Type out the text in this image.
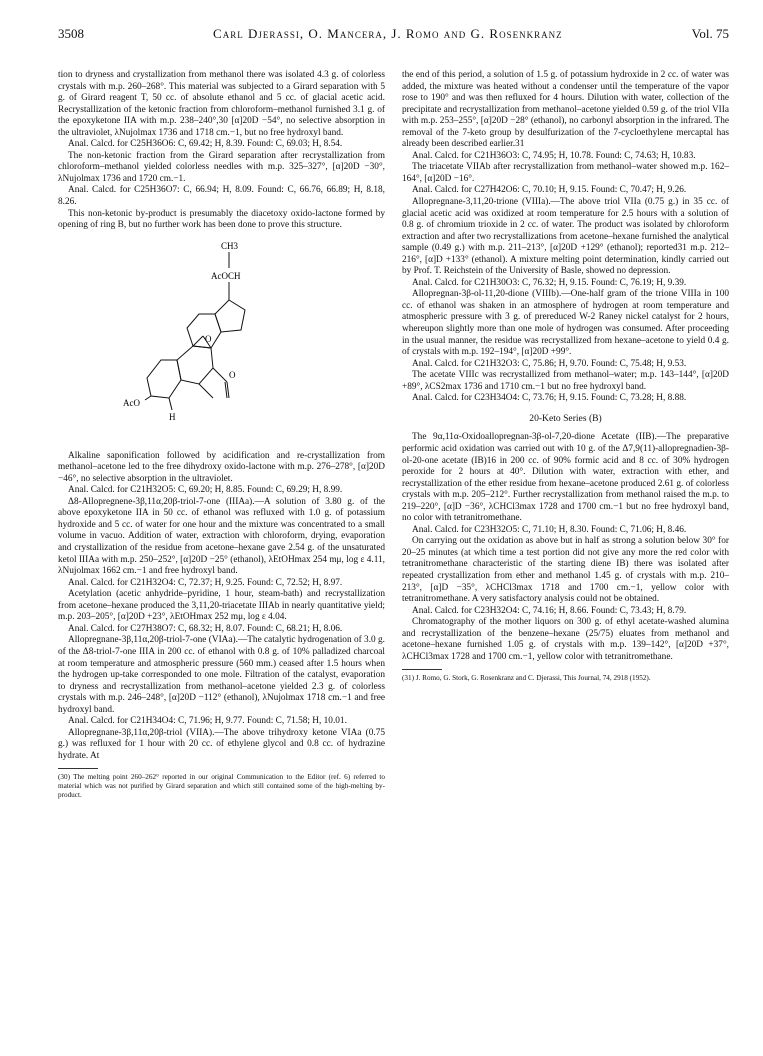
3508	Carl Djerassi, O. Mancera, J. Romo and G. Rosenkranz	Vol. 75

tion to dryness and crystallization from methanol there was isolated 4.3 g. of colorless crystals with m.p. 260–268°. This material was subjected to a Girard separation with 5 g. of Girard reagent T, 50 cc. of absolute ethanol and 5 cc. of glacial acetic acid. Recrystallization of the ketonic fraction from chloroform–methanol furnished 3.1 g. of the epoxyketone IIA with m.p. 238–240°,30 [α]20D −54°, no selective absorption in the ultraviolet, λNujolmax 1736 and 1718 cm.−1, but no free hydroxyl band.

Anal. Calcd. for C25H36O6: C, 69.42; H, 8.39. Found: C, 69.03; H, 8.54.

The non-ketonic fraction from the Girard separation after recrystallization from chloroform–methanol yielded colorless needles with m.p. 325–327°, [α]20D −30°, λNujolmax 1736 and 1720 cm.−1.

Anal. Calcd. for C25H36O7: C, 66.94; H, 8.09. Found: C, 66.76, 66.89; H, 8.18, 8.26.

This non-ketonic by-product is presumably the diacetoxy oxido-lactone formed by opening of ring B, but no further work has been done to prove this structure.

CH3
AcOCH
O
O
AcO
H

Alkaline saponification followed by acidification and re-crystallization from methanol–acetone led to the free dihydroxy oxido-lactone with m.p. 276–278°, [α]20D −46°, no selective absorption in the ultraviolet.

Anal. Calcd. for C21H32O5: C, 69.20; H, 8.85. Found: C, 69.29; H, 8.99.

Δ8-Allopregnene-3β,11α,20β-triol-7-one (IIIAa).—A solution of 3.80 g. of the above epoxyketone IIA in 50 cc. of ethanol was refluxed with 1.0 g. of potassium hydroxide and 5 cc. of water for one hour and the mixture was concentrated to a small volume in vacuo. Addition of water, extraction with chloroform, drying, evaporation and crystallization of the residue from acetone–hexane gave 2.54 g. of the unsaturated ketol IIIAa with m.p. 250–252°, [α]20D −25° (ethanol), λEtOHmax 254 mμ, log ε 4.11, λNujolmax 1662 cm.−1 and free hydroxyl band.

Anal. Calcd. for C21H32O4: C, 72.37; H, 9.25. Found: C, 72.52; H, 8.97.

Acetylation (acetic anhydride–pyridine, 1 hour, steam-bath) and recrystallization from acetone–hexane produced the 3,11,20-triacetate IIIAb in nearly quantitative yield; m.p. 203–205°, [α]20D +23°, λEtOHmax 252 mμ, log ε 4.04.

Anal. Calcd. for C27H38O7: C, 68.32; H, 8.07. Found: C, 68.21; H, 8.06.

Allopregnane-3β,11α,20β-triol-7-one (VIAa).—The catalytic hydrogenation of 3.0 g. of the Δ8-triol-7-one IIIA in 200 cc. of ethanol with 0.8 g. of 10% palladized charcoal at room temperature and atmospheric pressure (560 mm.) ceased after 1.5 hours when the hydrogen up-take corresponded to one mole. Filtration of the catalyst, evaporation to dryness and recrystallization from methanol–acetone yielded 2.3 g. of colorless crystals with m.p. 246–248°, [α]20D −112° (ethanol), λNujolmax 1718 cm.−1 and free hydroxyl band.

Anal. Calcd. for C21H34O4: C, 71.96; H, 9.77. Found: C, 71.58; H, 10.01.

Allopregnane-3β,11α,20β-triol (VIIA).—The above trihydroxy ketone VIAa (0.75 g.) was refluxed for 1 hour with 20 cc. of ethylene glycol and 0.8 cc. of hydrazine hydrate. At

(30) The melting point 260–262° reported in our original Communication to the Editor (ref. 6) referred to material which was not purified by Girard separation and which still contained some of the high-melting by-product.

the end of this period, a solution of 1.5 g. of potassium hydroxide in 2 cc. of water was added, the mixture was heated without a condenser until the temperature of the vapor rose to 190° and was then refluxed for 4 hours. Dilution with water, collection of the precipitate and recrystallization from methanol–acetone yielded 0.59 g. of the triol VIIa with m.p. 253–255°, [α]20D −28° (ethanol), no carbonyl absorption in the infrared. The removal of the 7-keto group by desulfurization of the 7-cycloethylene mercaptal has already been described earlier.31

Anal. Calcd. for C21H36O3: C, 74.95; H, 10.78. Found: C, 74.63; H, 10.83.

The triacetate VIIAb after recrystallization from methanol–water showed m.p. 162–164°, [α]20D −16°.

Anal. Calcd. for C27H42O6: C, 70.10; H, 9.15. Found: C, 70.47; H, 9.26.

Allopregnane-3,11,20-trione (VIIIa).—The above triol VIIa (0.75 g.) in 35 cc. of glacial acetic acid was oxidized at room temperature for 2.5 hours with a solution of 0.8 g. of chromium trioxide in 2 cc. of water. The product was isolated by chloroform extraction and after two recrystallizations from acetone–hexane furnished the analytical sample (0.49 g.) with m.p. 211–213°, [α]20D +129° (ethanol); reported31 m.p. 212–216°, [α]D +133° (ethanol). A mixture melting point determination, kindly carried out by Prof. T. Reichstein of the University of Basle, showed no depression.

Anal. Calcd. for C21H30O3: C, 76.32; H, 9.15. Found: C, 76.19; H, 9.39.

Allopregnan-3β-ol-11,20-dione (VIIIb).—One-half gram of the trione VIIIa in 100 cc. of ethanol was shaken in an atmosphere of hydrogen at room temperature and atmospheric pressure with 3 g. of prereduced W-2 Raney nickel catalyst for 2 hours, whereupon slightly more than one mole of hydrogen was consumed. After proceeding in the usual manner, the residue was recrystallized from hexane–acetone to yield 0.4 g. of crystals with m.p. 192–194°, [α]20D +99°.

Anal. Calcd. for C21H32O3: C, 75.86; H, 9.70. Found: C, 75.48; H, 9.53.

The acetate VIIIc was recrystallized from methanol–water; m.p. 143–144°, [α]20D +89°, λCS2max 1736 and 1710 cm.−1 but no free hydroxyl band.

Anal. Calcd. for C23H34O4: C, 73.76; H, 9.15. Found: C, 73.28; H, 8.88.

20-Keto Series (B)

The 9α,11α-Oxidoallopregnan-3β-ol-7,20-dione Acetate (IIB).—The preparative performic acid oxidation was carried out with 10 g. of the Δ7,9(11)-allopregnadien-3β-ol-20-one acetate (IB)16 in 200 cc. of 90% formic acid and 8 cc. of 30% hydrogen peroxide for 2 hours at 40°. Dilution with water, extraction with ether, and recrystallization of the ether residue from hexane–acetone produced 2.61 g. of colorless crystals with m.p. 205–212°. Further recrystallization from methanol raised the m.p. to 219–220°, [α]D −36°, λCHCl3max 1728 and 1700 cm.−1 but no free hydroxyl band, no color with tetranitromethane.

Anal. Calcd. for C23H32O5: C, 71.10; H, 8.30. Found: C, 71.06; H, 8.46.

On carrying out the oxidation as above but in half as strong a solution below 30° for 20–25 minutes (at which time a test portion did not give any more the red color with tetranitromethane characteristic of the starting diene IB) there was isolated after repeated crystallization from ether and methanol 1.45 g. of crystals with m.p. 210–213°, [α]D −35°, λCHCl3max 1718 and 1700 cm.−1, yellow color with tetranitromethane. A very satisfactory analysis could not be obtained.

Anal. Calcd. for C23H32O4: C, 74.16; H, 8.66. Found: C, 73.43; H, 8.79.

Chromatography of the mother liquors on 300 g. of ethyl acetate-washed alumina and recrystallization of the benzene–hexane (25/75) eluates from methanol and acetone–hexane furnished 1.05 g. of crystals with m.p. 139–142°, [α]20D +37°, λCHCl3max 1728 and 1700 cm.−1, yellow color with tetranitromethane.

(31) J. Romo, G. Stork, G. Rosenkranz and C. Djerassi, This Journal, 74, 2918 (1952).
